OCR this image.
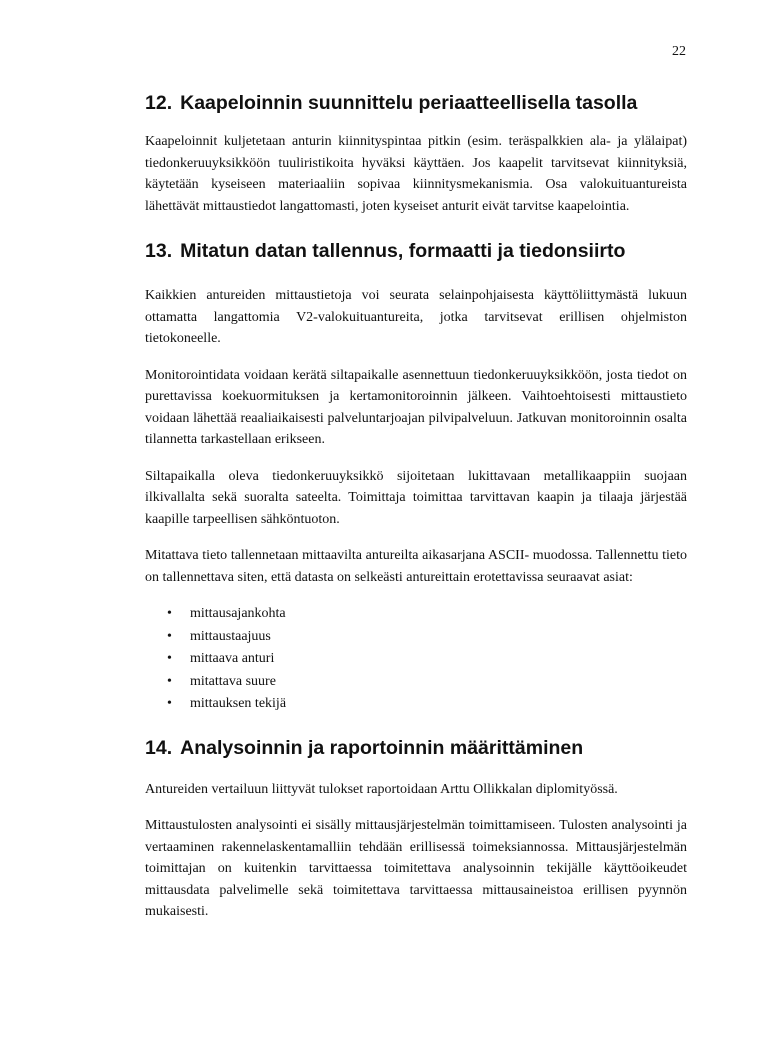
22
12. Kaapeloinnin suunnittelu periaatteellisella tasolla

Kaapeloinnit kuljetetaan anturin kiinnityspintaa pitkin (esim. teräspalkkien ala- ja ylälaipat) tiedonkeruuyksikköön tuuliristikoita hyväksi käyttäen. Jos kaapelit tarvitsevat kiinnityksiä, käytetään kyseiseen materiaaliin sopivaa kiinnitysmekanismia. Osa valokuituantureista lähettävät mittaustiedot langattomasti, joten kyseiset anturit eivät tarvitse kaapelointia.

13. Mitatun datan tallennus, formaatti ja tiedonsiirto

Kaikkien antureiden mittaustietoja voi seurata selainpohjaisesta käyttöliittymästä lukuun ottamatta langattomia V2-valokuituantureita, jotka tarvitsevat erillisen ohjelmiston tietokoneelle.

Monitorointidata voidaan kerätä siltapaikalle asennettuun tiedonkeruuyksikköön, josta tiedot on purettavissa koekuormituksen ja kertamonitoroinnin jälkeen. Vaihtoehtoisesti mittaustieto voidaan lähettää reaaliaikaisesti palveluntarjoajan pilvipalveluun. Jatkuvan monitoroinnin osalta tilannetta tarkastellaan erikseen.

Siltapaikalla oleva tiedonkeruuyksikkö sijoitetaan lukittavaan metallikaappiin suojaan ilkivallalta sekä suoralta sateelta. Toimittaja toimittaa tarvittavan kaapin ja tilaaja järjestää kaapille tarpeellisen sähköntuoton.

Mitattava tieto tallennetaan mittaavilta antureilta aikasarjana ASCII- muodossa. Tallennettu tieto on tallennettava siten, että datasta on selkeästi antureittain erotettavissa seuraavat asiat:

• mittausajankohta
• mittaustaajuus
• mittaava anturi
• mitattava suure
• mittauksen tekijä
14. Analysoinnin ja raportoinnin määrittäminen

Antureiden vertailuun liittyvät tulokset raportoidaan Arttu Ollikkalan diplomityössä.

Mittaustulosten analysointi ei sisälly mittausjärjestelmän toimittamiseen. Tulosten analysointi ja vertaaminen rakennelaskentamalliin tehdään erillisessä toimeksiannossa. Mittausjärjestelmän toimittajan on kuitenkin tarvittaessa toimitettava analysoinnin tekijälle käyttöoikeudet mittausdata palvelimelle sekä toimitettava tarvittaessa mittausaineistoa erillisen pyynnön mukaisesti.
